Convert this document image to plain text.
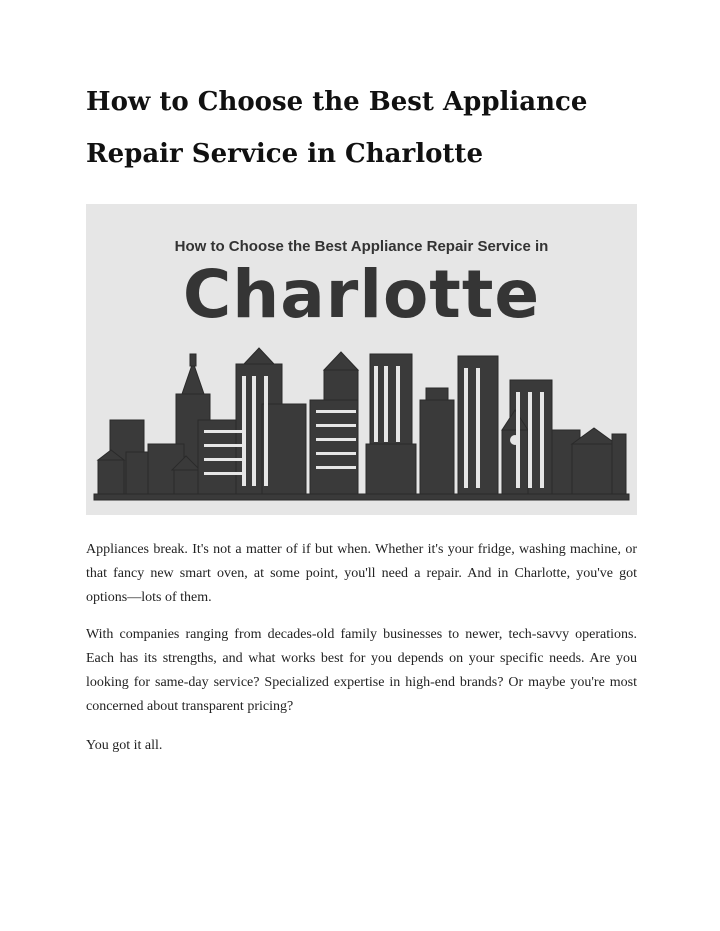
How to Choose the Best Appliance Repair Service in Charlotte
How to Choose the Best Appliance Repair Service in
Charlotte

Appliances break. It's not a matter of if but when. Whether it's your fridge, washing machine, or that fancy new smart oven, at some point, you'll need a repair. And in Charlotte, you've got options—lots of them.

With companies ranging from decades-old family businesses to newer, tech-savvy operations. Each has its strengths, and what works best for you depends on your specific needs. Are you looking for same-day service? Specialized expertise in high-end brands? Or maybe you're most concerned about transparent pricing?

You got it all.
